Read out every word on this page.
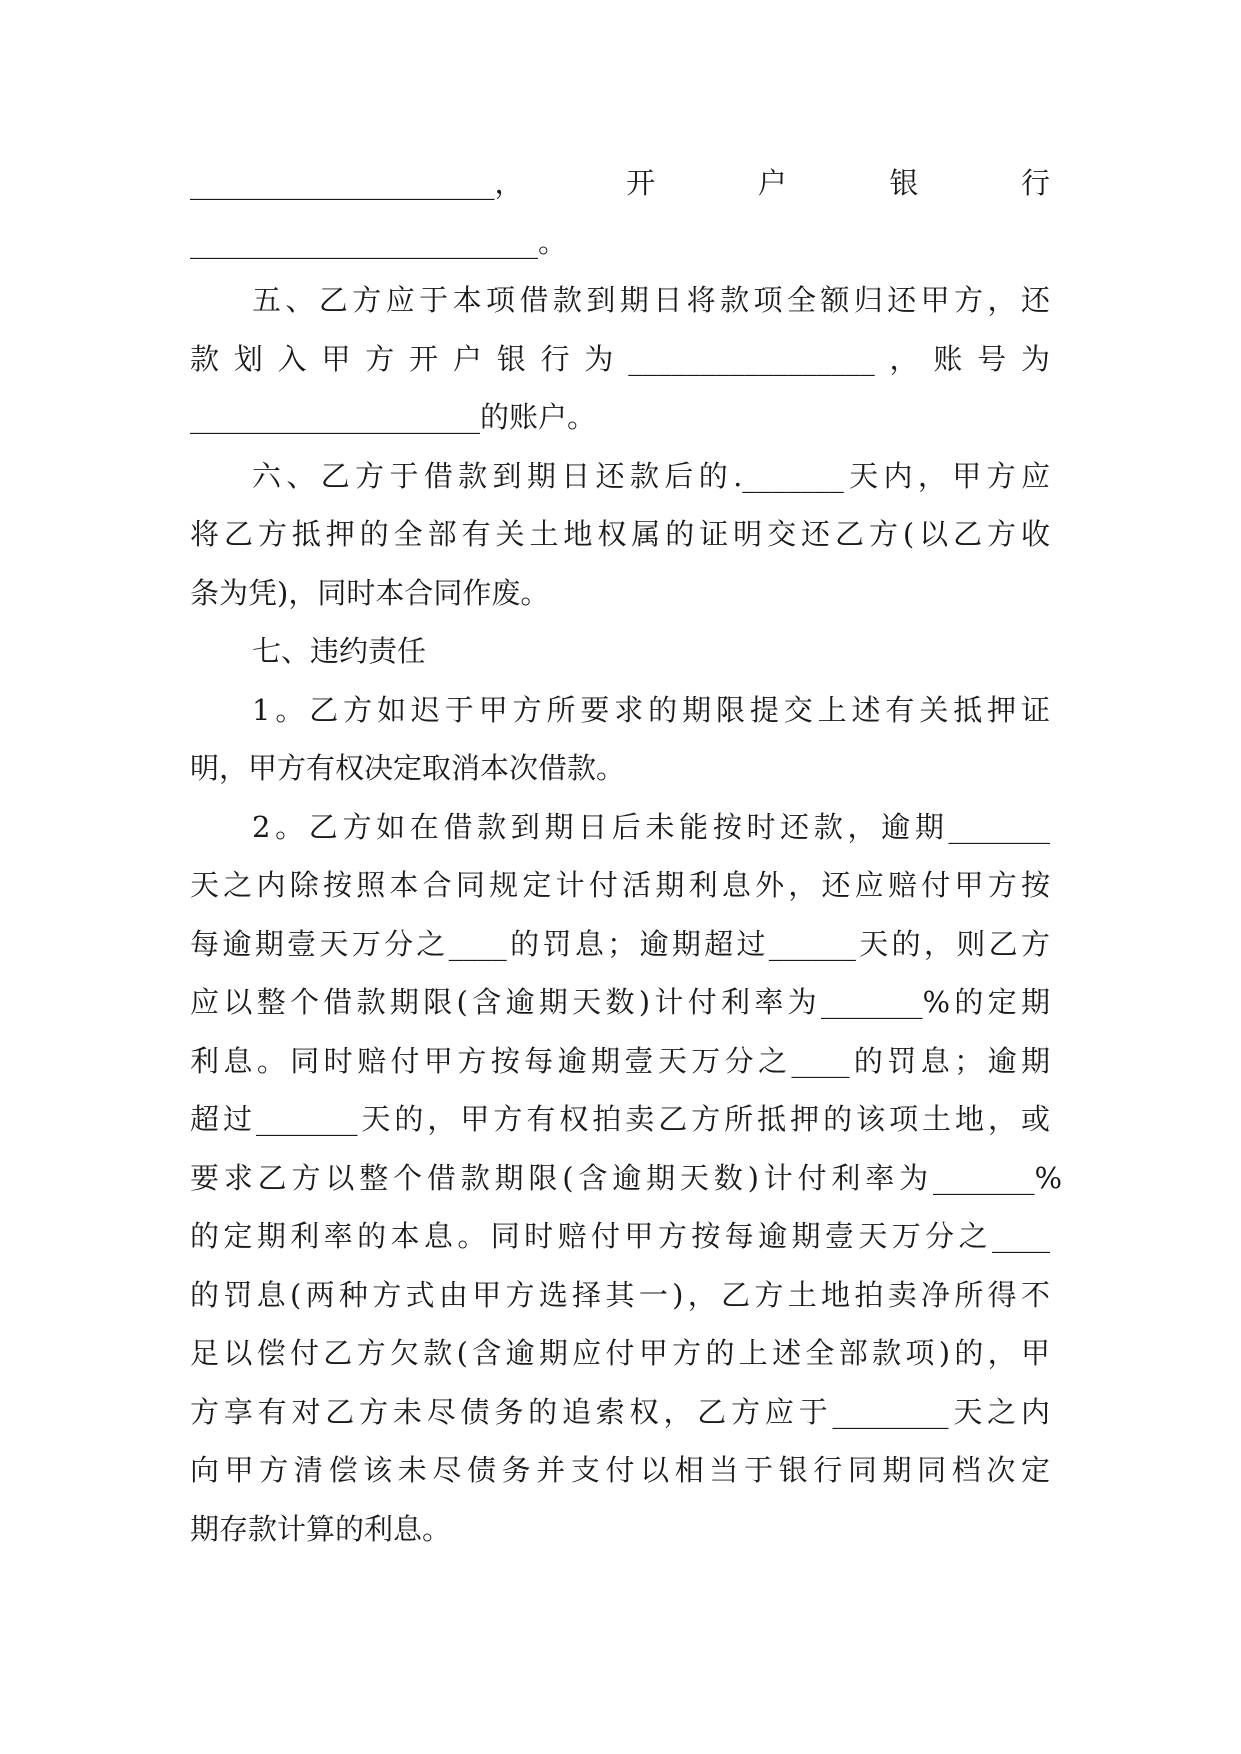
_____________________，	开	户	银	行
________________________。
五、乙方应于本项借款到期日将款项全额归还甲方，还
款划入甲方开户银行为_________________，账号为
____________________的账户。
六、乙方于借款到期日还款后的._______天内，甲方应
将乙方抵押的全部有关土地权属的证明交还乙方(以乙方收
条为凭)，同时本合同作废。
七、违约责任
1。乙方如迟于甲方所要求的期限提交上述有关抵押证
明，甲方有权决定取消本次借款。
2。乙方如在借款到期日后未能按时还款，逾期_______
天之内除按照本合同规定计付活期利息外，还应赔付甲方按
每逾期壹天万分之____的罚息；逾期超过______天的，则乙方
应以整个借款期限(含逾期天数)计付利率为_______%的定期
利息。同时赔付甲方按每逾期壹天万分之____的罚息；逾期
超过_______天的，甲方有权拍卖乙方所抵押的该项土地，或
要求乙方以整个借款期限(含逾期天数)计付利率为_______%
的定期利率的本息。同时赔付甲方按每逾期壹天万分之____
的罚息(两种方式由甲方选择其一)，乙方土地拍卖净所得不
足以偿付乙方欠款(含逾期应付甲方的上述全部款项)的，甲
方享有对乙方未尽债务的追索权，乙方应于________天之内
向甲方清偿该未尽债务并支付以相当于银行同期同档次定
期存款计算的利息。
